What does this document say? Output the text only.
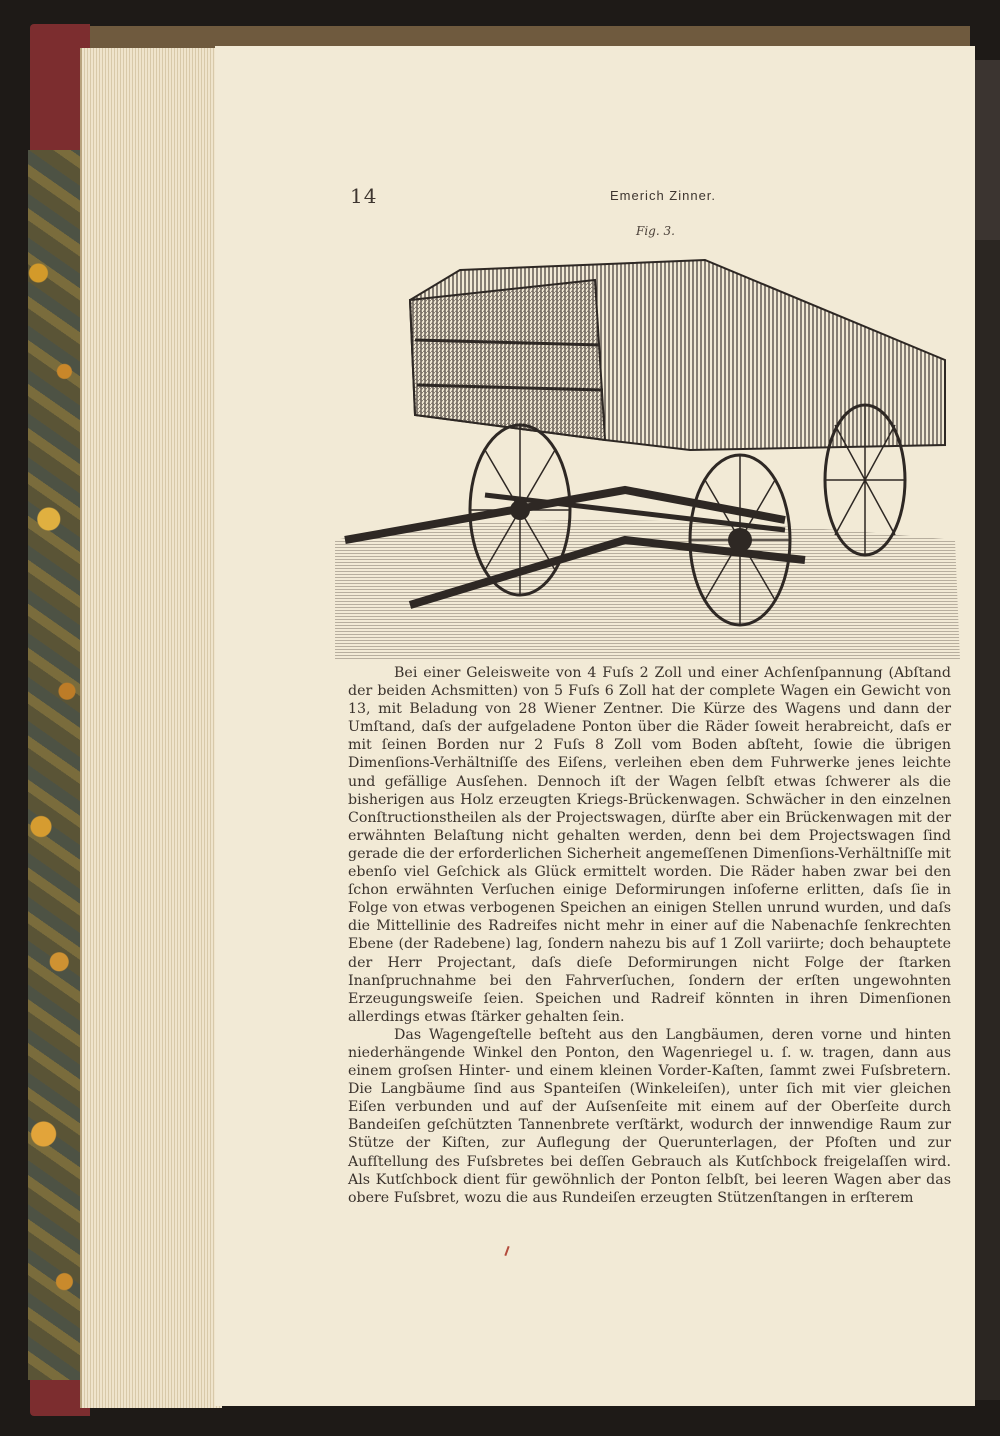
14	Emerich Zinner.
Fig. 3.

Bei einer Geleisweite von 4 Fuſs 2 Zoll und einer Achſenſpannung (Abſtand der beiden Achsmitten) von 5 Fuſs 6 Zoll hat der complete Wagen ein Gewicht von 13, mit Beladung von 28 Wiener Zentner. Die Kürze des Wagens und dann der Umſtand, daſs der aufgeladene Ponton über die Räder ſoweit herabreicht, daſs er mit ſeinen Borden nur 2 Fuſs 8 Zoll vom Boden abſteht, ſowie die übrigen Dimenſions-Verhältniſſe des Eiſens, verleihen eben dem Fuhrwerke jenes leichte und gefällige Ausſehen. Dennoch iſt der Wagen ſelbſt etwas ſchwerer als die bisherigen aus Holz erzeugten Kriegs-Brückenwagen. Schwächer in den einzelnen Conſtructionstheilen als der Projectswagen, dürſte aber ein Brückenwagen mit der erwähnten Belaſtung nicht gehalten werden, denn bei dem Projectswagen ſind gerade die der erforderlichen Sicherheit angemeſſenen Dimenſions-Verhältniſſe mit ebenſo viel Geſchick als Glück ermittelt worden. Die Räder haben zwar bei den ſchon erwähnten Verſuchen einige Deformirungen inſoferne erlitten, daſs ſie in Folge von etwas verbogenen Speichen an einigen Stellen unrund wurden, und daſs die Mittellinie des Radreifes nicht mehr in einer auf die Nabenachſe ſenkrechten Ebene (der Radebene) lag, ſondern nahezu bis auf 1 Zoll variirte; doch behauptete der Herr Projectant, daſs dieſe Deformirungen nicht Folge der ſtarken Inanſpruchnahme bei den Fahrverſuchen, ſondern der erſten ungewohnten Erzeugungsweiſe ſeien. Speichen und Radreif könnten in ihren Dimenſionen allerdings etwas ſtärker gehalten ſein.

Das Wagengeſtelle beſteht aus den Langbäumen, deren vorne und hinten niederhängende Winkel den Ponton, den Wagenriegel u. ſ. w. tragen, dann aus einem groſsen Hinter- und einem kleinen Vorder-Kaſten, ſammt zwei Fuſsbretern. Die Langbäume ſind aus Spanteiſen (Winkeleiſen), unter ſich mit vier gleichen Eiſen verbunden und auf der Auſsenſeite mit einem auf der Oberſeite durch Bandeiſen geſchützten Tannenbrete verſtärkt, wodurch der innwendige Raum zur Stütze der Kiſten, zur Auflegung der Querunterlagen, der Pfoſten und zur Aufſtellung des Fuſsbretes bei deſſen Gebrauch als Kutſchbock freigelaſſen wird. Als Kutſchbock dient für gewöhnlich der Ponton ſelbſt, bei leeren Wagen aber das obere Fuſsbret, wozu die aus Rundeiſen erzeugten Stützenſtangen in erſterem
